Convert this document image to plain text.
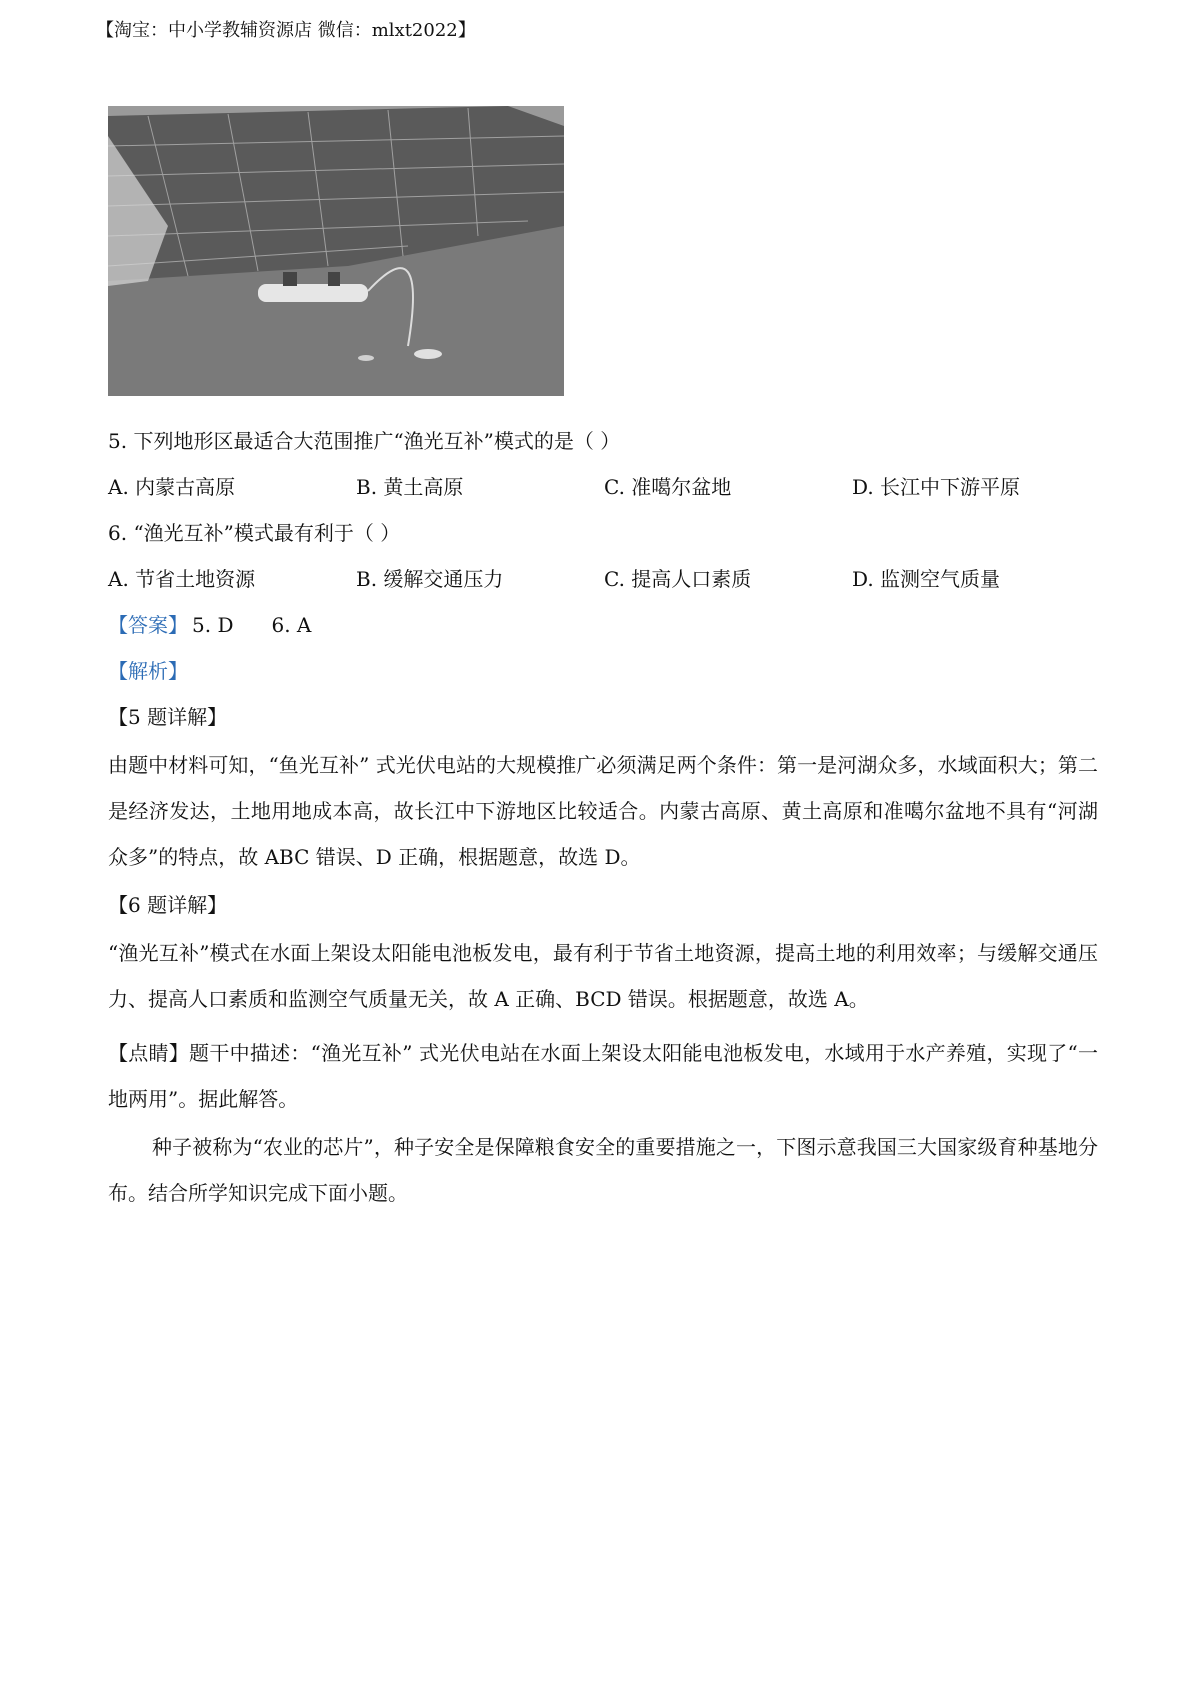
【淘宝：中小学教辅资源店 微信：mlxt2022】
5. 下列地形区最适合大范围推广“渔光互补”模式的是（ ）
A. 内蒙古高原	B. 黄土高原	C. 准噶尔盆地	D. 长江中下游平原
6. “渔光互补”模式最有利于（ ）
A. 节省土地资源	B. 缓解交通压力	C. 提高人口素质	D. 监测空气质量
【答案】 5. D 6. A
【解析】
【5 题详解】
由题中材料可知，“鱼光互补” 式光伏电站的大规模推广必须满足两个条件：第一是河湖众多，水域面积大；第二是经济发达，土地用地成本高，故长江中下游地区比较适合。内蒙古高原、黄土高原和准噶尔盆地不具有“河湖众多”的特点，故 ABC 错误、D 正确，根据题意，故选 D。
【6 题详解】
“渔光互补”模式在水面上架设太阳能电池板发电，最有利于节省土地资源，提高土地的利用效率；与缓解交通压力、提高人口素质和监测空气质量无关，故 A 正确、BCD 错误。根据题意，故选 A。
【点睛】题干中描述：“渔光互补” 式光伏电站在水面上架设太阳能电池板发电，水域用于水产养殖，实现了“一地两用”。据此解答。
种子被称为“农业的芯片”，种子安全是保障粮食安全的重要措施之一，下图示意我国三大国家级育种基地分布。结合所学知识完成下面小题。
